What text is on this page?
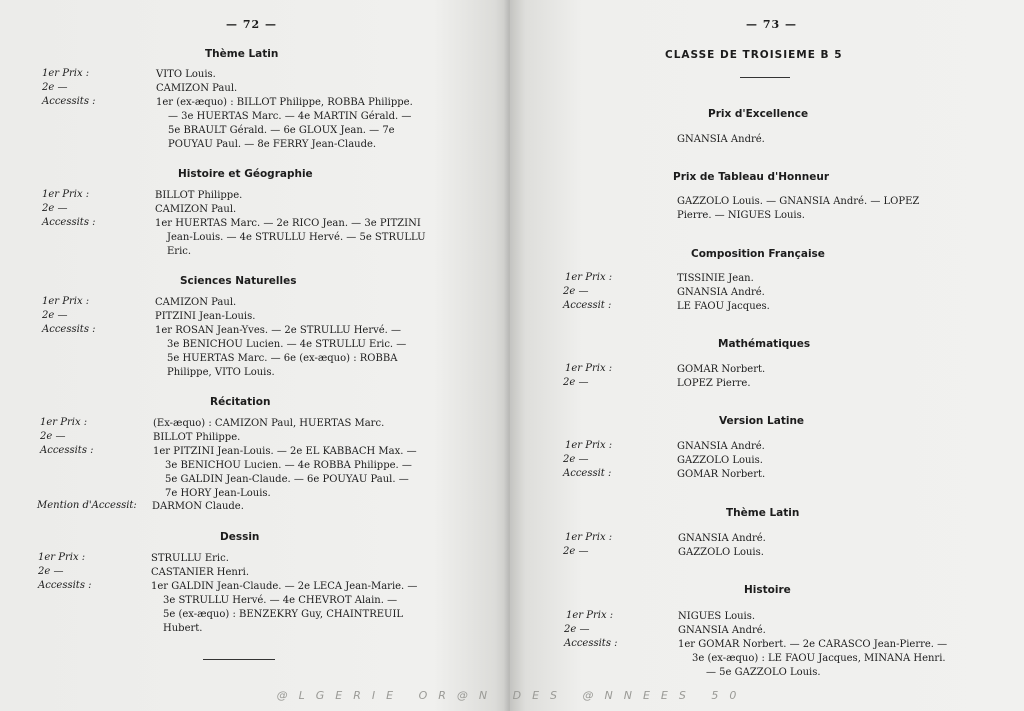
— 72 —
Thème Latin
1er Prix :	VITO Louis.
2e —	CAMIZON Paul.
Accessits :	1er (ex-æquo) : BILLOT Philippe, ROBBA Philippe.
— 3e HUERTAS Marc. — 4e MARTIN Gérald. —
5e BRAULT Gérald. — 6e GLOUX Jean. — 7e
POUYAU Paul. — 8e FERRY Jean-Claude.
Histoire et Géographie
1er Prix :	BILLOT Philippe.
2e —	CAMIZON Paul.
Accessits :	1er HUERTAS Marc. — 2e RICO Jean. — 3e PITZINI
Jean-Louis. — 4e STRULLU Hervé. — 5e STRULLU
Eric.
Sciences Naturelles
1er Prix :	CAMIZON Paul.
2e —	PITZINI Jean-Louis.
Accessits :	1er ROSAN Jean-Yves. — 2e STRULLU Hervé. —
3e BENICHOU Lucien. — 4e STRULLU Eric. —
5e HUERTAS Marc. — 6e (ex-æquo) : ROBBA
Philippe, VITO Louis.
Récitation
1er Prix :	(Ex-æquo) : CAMIZON Paul, HUERTAS Marc.
2e —	BILLOT Philippe.
Accessits :	1er PITZINI Jean-Louis. — 2e EL KABBACH Max. —
3e BENICHOU Lucien. — 4e ROBBA Philippe. —
5e GALDIN Jean-Claude. — 6e POUYAU Paul. —
7e HORY Jean-Louis.
Mention d'Accessit: DARMON Claude.
Dessin
1er Prix :	STRULLU Eric.
2e —	CASTANIER Henri.
Accessits :	1er GALDIN Jean-Claude. — 2e LECA Jean-Marie. —
3e STRULLU Hervé. — 4e CHEVROT Alain. —
5e (ex-æquo) : BENZEKRY Guy, CHAINTREUIL
Hubert.
— 73 —
CLASSE DE TROISIEME B 5
Prix d'Excellence
GNANSIA André.
Prix de Tableau d'Honneur
GAZZOLO Louis. — GNANSIA André. — LOPEZ
Pierre. — NIGUES Louis.
Composition Française
1er Prix :	TISSINIE Jean.
2e —	GNANSIA André.
Accessit :	LE FAOU Jacques.
Mathématiques
1er Prix :	GOMAR Norbert.
2e —	LOPEZ Pierre.
Version Latine
1er Prix :	GNANSIA André.
2e —	GAZZOLO Louis.
Accessit :	GOMAR Norbert.
Thème Latin
1er Prix :	GNANSIA André.
2e —	GAZZOLO Louis.
Histoire
1er Prix :	NIGUES Louis.
2e —	GNANSIA André.
Accessits :	1er GOMAR Norbert. — 2e CARASCO Jean-Pierre. —
3e (ex-æquo) : LE FAOU Jacques, MINANA Henri.
— 5e GAZZOLO Louis.
@LGERIE OR@N DES @NNEES 50
